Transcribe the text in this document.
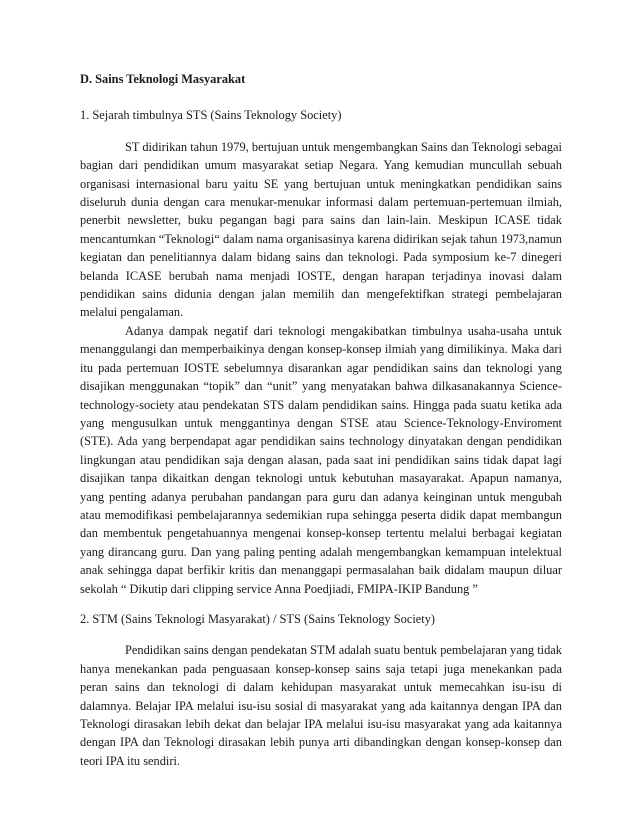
D. Sains Teknologi Masyarakat
1. Sejarah timbulnya STS (Sains Teknology Society)

ST didirikan tahun 1979, bertujuan untuk mengembangkan Sains dan Teknologi sebagai bagian dari pendidikan umum masyarakat setiap Negara. Yang kemudian muncullah sebuah organisasi internasional baru yaitu SE yang bertujuan untuk meningkatkan pendidikan sains diseluruh dunia dengan cara menukar-menukar informasi dalam pertemuan-pertemuan ilmiah, penerbit newsletter, buku pegangan bagi para sains dan lain-lain. Meskipun ICASE tidak mencantumkan “Teknologi“ dalam nama organisasinya karena didirikan sejak tahun 1973,namun kegiatan dan penelitiannya dalam bidang sains dan teknologi. Pada symposium ke-7 dinegeri belanda ICASE berubah nama menjadi IOSTE, dengan harapan terjadinya inovasi dalam pendidikan sains didunia dengan jalan memilih dan mengefektifkan strategi pembelajaran melalui pengalaman.

Adanya dampak negatif dari teknologi mengakibatkan timbulnya usaha-usaha untuk menanggulangi dan memperbaikinya dengan konsep-konsep ilmiah yang dimilikinya. Maka dari itu pada pertemuan IOSTE sebelumnya disarankan agar pendidikan sains dan teknologi yang disajikan menggunakan “topik” dan “unit” yang menyatakan bahwa dilkasanakannya Science-technology-society atau pendekatan STS dalam pendidikan sains. Hingga pada suatu ketika ada yang mengusulkan untuk menggantinya dengan STSE atau Science-Teknology-Enviroment (STE). Ada yang berpendapat agar pendidikan sains technology dinyatakan dengan pendidikan lingkungan atau pendidikan saja dengan alasan, pada saat ini pendidikan sains tidak dapat lagi disajikan tanpa dikaitkan dengan teknologi untuk kebutuhan masayarakat. Apapun namanya, yang penting adanya perubahan pandangan para guru dan adanya keinginan untuk mengubah atau memodifikasi pembelajarannya sedemikian rupa sehingga peserta didik dapat membangun dan membentuk pengetahuannya mengenai konsep-konsep tertentu melalui berbagai kegiatan yang dirancang guru. Dan yang paling penting adalah mengembangkan kemampuan intelektual anak sehingga dapat berfikir kritis dan menanggapi permasalahan baik didalam maupun diluar sekolah “ Dikutip dari clipping service Anna Poedjiadi, FMIPA-IKIP Bandung ”

2. STM (Sains Teknologi Masyarakat) / STS (Sains Teknology Society)

Pendidikan sains dengan pendekatan STM adalah suatu bentuk pembelajaran yang tidak hanya menekankan pada penguasaan konsep-konsep sains saja tetapi juga menekankan pada peran sains dan teknologi di dalam kehidupan masyarakat untuk memecahkan isu-isu di dalamnya. Belajar IPA melalui isu-isu sosial di masyarakat yang ada kaitannya dengan IPA dan Teknologi dirasakan lebih dekat dan belajar IPA melalui isu-isu masyarakat yang ada kaitannya dengan IPA dan Teknologi dirasakan lebih punya arti dibandingkan dengan konsep-konsep dan teori IPA itu sendiri.
